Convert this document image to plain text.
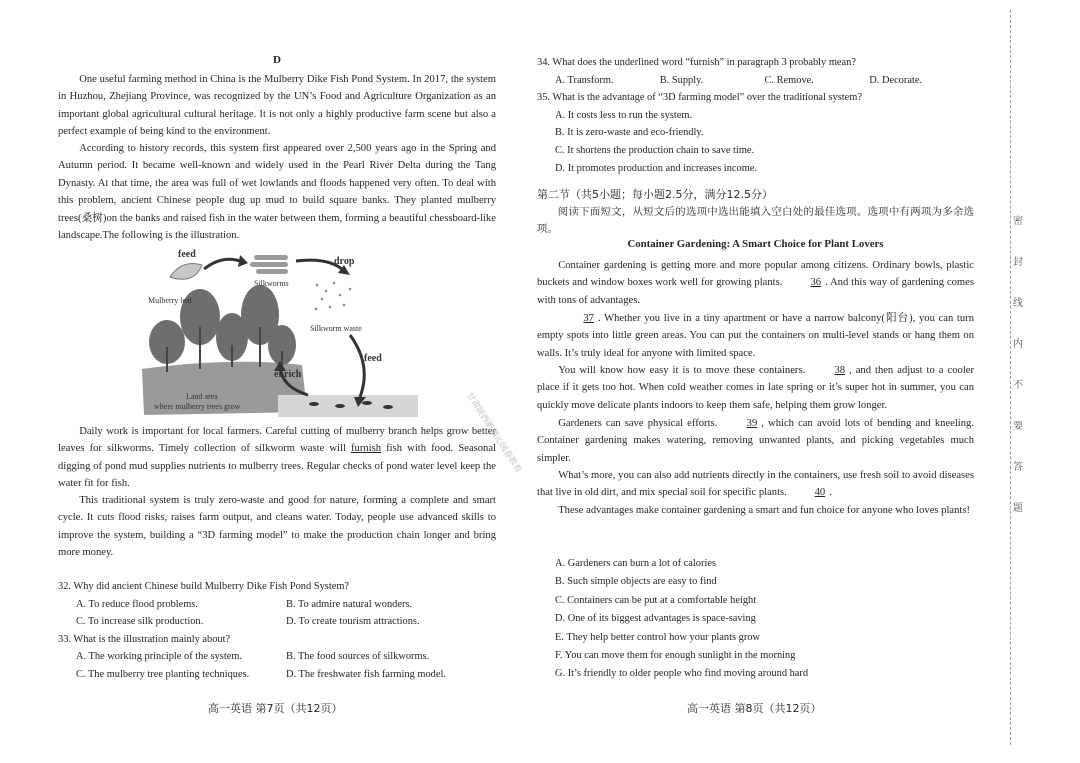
D

One useful farming method in China is the Mulberry Dike Fish Pond System. In 2017, the system in Huzhou, Zhejiang Province, was recognized by the UN’s Food and Agriculture Organization as an important global agricultural cultural heritage. It is not only a highly productive farm scene but also a perfect example of being kind to the environment.

According to history records, this system first appeared over 2,500 years ago in the Spring and Autumn period. It became well-known and widely used in the Pearl River Delta during the Tang Dynasty. At that time, the area was full of wet lowlands and floods happened very often. To deal with this problem, ancient Chinese people dug up mud to build square banks. They planted mulberry trees(桑树)on the banks and raised fish in the water between them, forming a beautiful chessboard-like landscape.The following is the illustration.

Daily work is important for local farmers. Careful cutting of mulberry branch helps grow better leaves for silkworms. Timely collection of silkworm waste will furnish fish with food. Seasonal digging of pond mud supplies nutrients to mulberry trees. Regular checks of pond water level keep the water fit for fish.

This traditional system is truly zero-waste and good for nature, forming a complete and smart cycle. It cuts flood risks, raises farm output, and cleans water. Today, people use advanced skills to improve the system, building a “3D farming model” to make the production chain longer and bring more money.

32. Why did ancient Chinese build Mulberry Dike Fish Pond System?

A. To reduce flood problems.	B. To admire natural wonders.
C. To increase silk production.	D. To create tourism attractions.

33. What is the illustration mainly about?

A. The working principle of the system.	B. The food sources of silkworms.
C. The mulberry tree planting techniques.	D. The freshwater fish farming model.
高一英语 第7页（共12页）
feed
Silkworms
drop
Mulberry leaf
Silkworm waste
feed
enrich
Land area
where mulberry trees grow

34. What does the underlined word “furnish” in paragraph 3 probably mean?

A. Transform.	B. Supply.	C. Remove.	D. Decorate.

35. What is the advantage of “3D farming model” over the traditional system?

A. It costs less to run the system.

B. It is zero-waste and eco-friendly.

C. It shortens the production chain to save time.

D. It promotes production and increases income.

第二节（共5小题；每小题2.5分，满分12.5分）

阅读下面短文，从短文后的选项中选出能填入空白处的最佳选项。选项中有两项为多余选项。

Container Gardening: A Smart Choice for Plant Lovers

Container gardening is getting more and more popular among citizens. Ordinary bowls, plastic buckets and window boxes work well for growing plants.	36 . And this way of gardening comes with tons of advantages.

37 . Whether you live in a tiny apartment or have a narrow balcony(阳台), you can turn empty spots into little green areas. You can put the containers on multi-level stands or hang them on walls. It’s truly ideal for anyone with limited space.

You will know how easy it is to move these containers.	38 , and then adjust to a cooler place if it gets too hot. When cold weather comes in late spring or it’s super hot in summer, you can quickly move delicate plants indoors to keep them safe, helping them grow longer.

Gardeners can save physical efforts.	39 , which can avoid lots of bending and kneeling. Container gardening makes watering, removing unwanted plants, and picking vegetables much simpler.

What’s more, you can also add nutrients directly in the containers, use fresh soil to avoid diseases that live in old dirt, and mix special soil for specific plants.	40 .

These advantages make container gardening a smart and fun choice for anyone who loves plants!

A. Gardeners can burn a lot of calories

B. Such simple objects are easy to find

C. Containers can be put at a comfortable height

D. One of its biggest advantages is space-saving

E. They help better control how your plants grow

F. You can move them for enough sunlight in the morning

G. It’s friendly to older people who find moving around hard

高一英语 第8页（共12页）
甘肃陕西新疆沁园春教育
密
封
线
内
不
要
答
题
